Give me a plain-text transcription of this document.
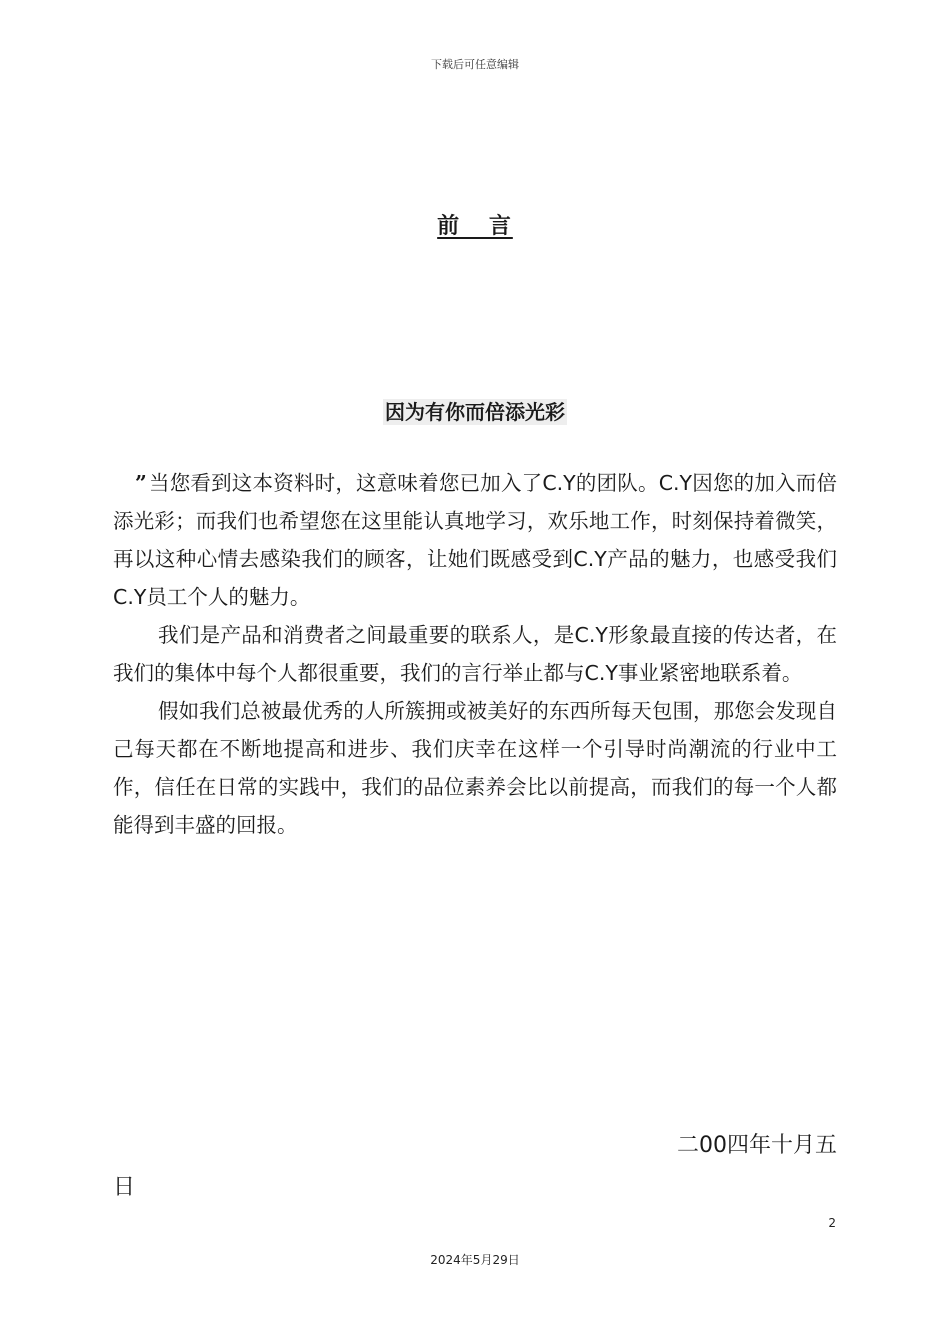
下载后可任意编辑
前 言
因为有你而倍添光彩

”当您看到这本资料时，这意味着您已加入了C.Y的团队。C.Y因您的加入而倍添光彩；而我们也希望您在这里能认真地学习，欢乐地工作，时刻保持着微笑，再以这种心情去感染我们的顾客，让她们既感受到C.Y产品的魅力，也感受我们C.Y员工个人的魅力。

我们是产品和消费者之间最重要的联系人，是C.Y形象最直接的传达者，在我们的集体中每个人都很重要，我们的言行举止都与C.Y事业紧密地联系着。

假如我们总被最优秀的人所簇拥或被美好的东西所每天包围，那您会发现自己每天都在不断地提高和进步、我们庆幸在这样一个引导时尚潮流的行业中工作，信任在日常的实践中，我们的品位素养会比以前提高，而我们的每一个人都能得到丰盛的回报。

二00四年十月五
日
2
2024年5月29日
